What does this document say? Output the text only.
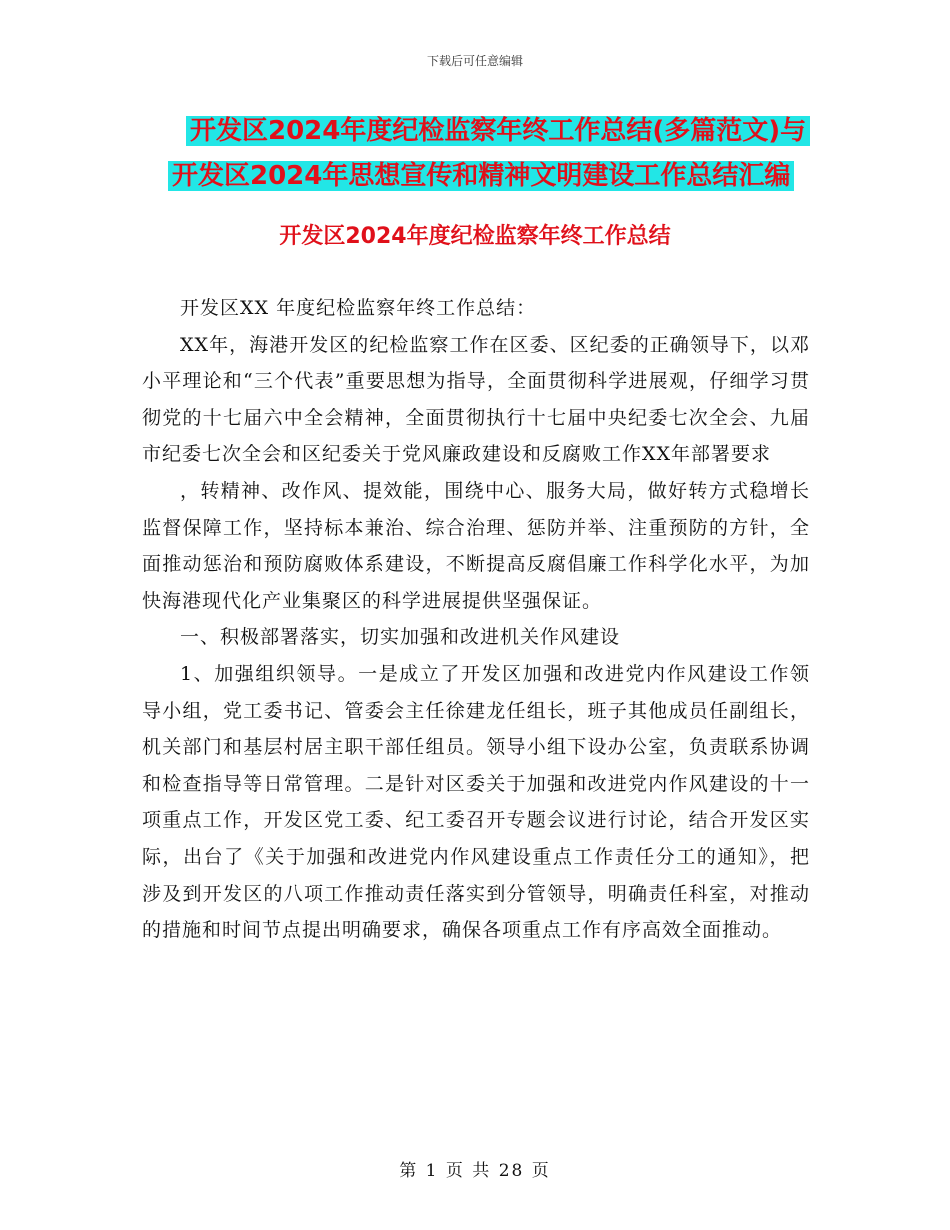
下载后可任意编辑
开发区2024年度纪检监察年终工作总结(多篇范文)与
开发区2024年思想宣传和精神文明建设工作总结汇编
开发区2024年度纪检监察年终工作总结

开发区XX 年度纪检监察年终工作总结：

XX年，海港开发区的纪检监察工作在区委、区纪委的正确领导下，以邓小平理论和“三个代表”重要思想为指导，全面贯彻科学进展观，仔细学习贯彻党的十七届六中全会精神，全面贯彻执行十七届中央纪委七次全会、九届市纪委七次全会和区纪委关于党风廉政建设和反腐败工作XX年部署要求

，转精神、改作风、提效能，围绕中心、服务大局，做好转方式稳增长监督保障工作，坚持标本兼治、综合治理、惩防并举、注重预防的方针，全面推动惩治和预防腐败体系建设，不断提高反腐倡廉工作科学化水平，为加快海港现代化产业集聚区的科学进展提供坚强保证。

一、积极部署落实，切实加强和改进机关作风建设

1、加强组织领导。一是成立了开发区加强和改进党内作风建设工作领导小组，党工委书记、管委会主任徐建龙任组长，班子其他成员任副组长，机关部门和基层村居主职干部任组员。领导小组下设办公室，负责联系协调和检查指导等日常管理。二是针对区委关于加强和改进党内作风建设的十一项重点工作，开发区党工委、纪工委召开专题会议进行讨论，结合开发区实际，出台了《关于加强和改进党内作风建设重点工作责任分工的通知》，把涉及到开发区的八项工作推动责任落实到分管领导，明确责任科室，对推动的措施和时间节点提出明确要求，确保各项重点工作有序高效全面推动。

第 1 页 共 28 页
